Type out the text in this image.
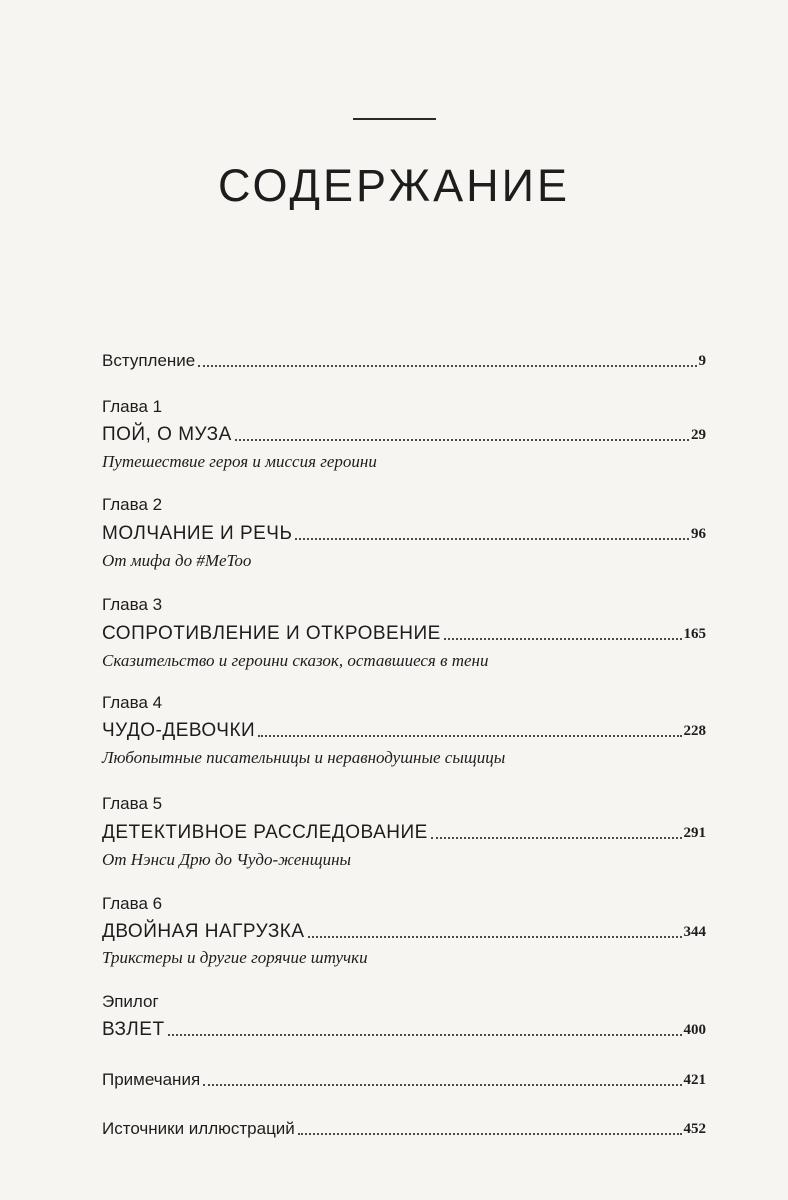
СОДЕРЖАНИЕ
Вступление	9
Глава 1
ПОЙ, О МУЗА	29
Путешествие героя и миссия героини
Глава 2
МОЛЧАНИЕ И РЕЧЬ	96
От мифа до #MeToo
Глава 3
СОПРОТИВЛЕНИЕ И ОТКРОВЕНИЕ	165
Сказительство и героини сказок, оставшиеся в тени
Глава 4
ЧУДО-ДЕВОЧКИ	228
Любопытные писательницы и неравнодушные сыщицы
Глава 5
ДЕТЕКТИВНОЕ РАССЛЕДОВАНИЕ	291
От Нэнси Дрю до Чудо-женщины
Глава 6
ДВОЙНАЯ НАГРУЗКА	344
Трикстеры и другие горячие штучки
Эпилог
ВЗЛЕТ	400
Примечания	421
Источники иллюстраций	452
